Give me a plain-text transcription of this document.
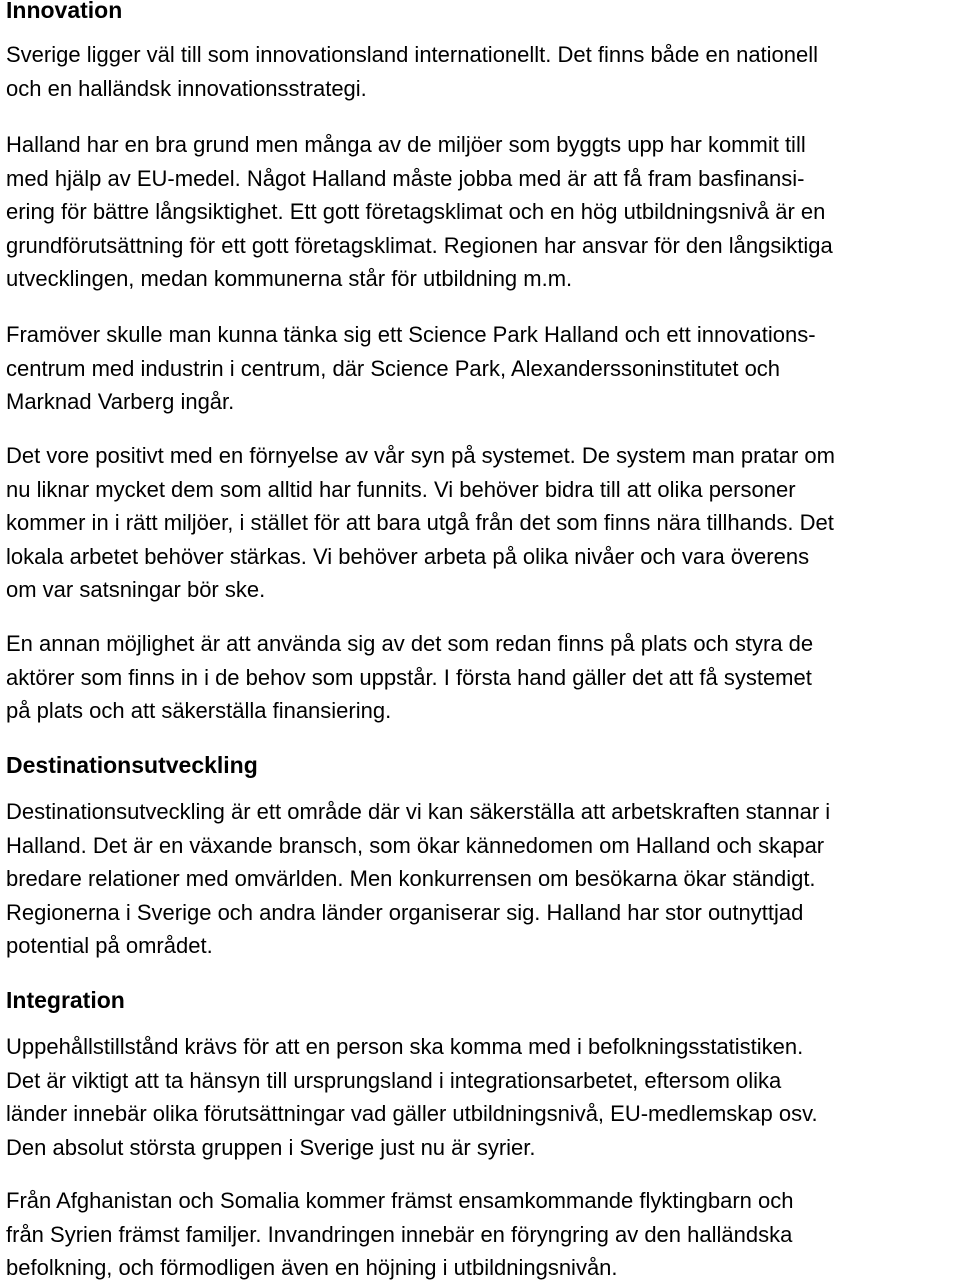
Innovation

Sverige ligger väl till som innovationsland internationellt. Det finns både en nationell
och en halländsk innovationsstrategi.

Halland har en bra grund men många av de miljöer som byggts upp har kommit till
med hjälp av EU-medel. Något Halland måste jobba med är att få fram basfinansi-
ering för bättre långsiktighet. Ett gott företagsklimat och en hög utbildningsnivå är en
grundförutsättning för ett gott företagsklimat. Regionen har ansvar för den långsiktiga
utvecklingen, medan kommunerna står för utbildning m.m.

Framöver skulle man kunna tänka sig ett Science Park Halland och ett innovations-
centrum med industrin i centrum, där Science Park, Alexanderssoninstitutet och
Marknad Varberg ingår.

Det vore positivt med en förnyelse av vår syn på systemet. De system man pratar om
nu liknar mycket dem som alltid har funnits. Vi behöver bidra till att olika personer
kommer in i rätt miljöer, i stället för att bara utgå från det som finns nära tillhands. Det
lokala arbetet behöver stärkas. Vi behöver arbeta på olika nivåer och vara överens
om var satsningar bör ske.

En annan möjlighet är att använda sig av det som redan finns på plats och styra de
aktörer som finns in i de behov som uppstår. I första hand gäller det att få systemet
på plats och att säkerställa finansiering.

Destinationsutveckling

Destinationsutveckling är ett område där vi kan säkerställa att arbetskraften stannar i
Halland. Det är en växande bransch, som ökar kännedomen om Halland och skapar
bredare relationer med omvärlden. Men konkurrensen om besökarna ökar ständigt.
Regionerna i Sverige och andra länder organiserar sig. Halland har stor outnyttjad
potential på området.

Integration

Uppehållstillstånd krävs för att en person ska komma med i befolkningsstatistiken.
Det är viktigt att ta hänsyn till ursprungsland i integrationsarbetet, eftersom olika
länder innebär olika förutsättningar vad gäller utbildningsnivå, EU-medlemskap osv.
Den absolut största gruppen i Sverige just nu är syrier.

Från Afghanistan och Somalia kommer främst ensamkommande flyktingbarn och
från Syrien främst familjer. Invandringen innebär en föryngring av den halländska
befolkning, och förmodligen även en höjning i utbildningsnivån.
